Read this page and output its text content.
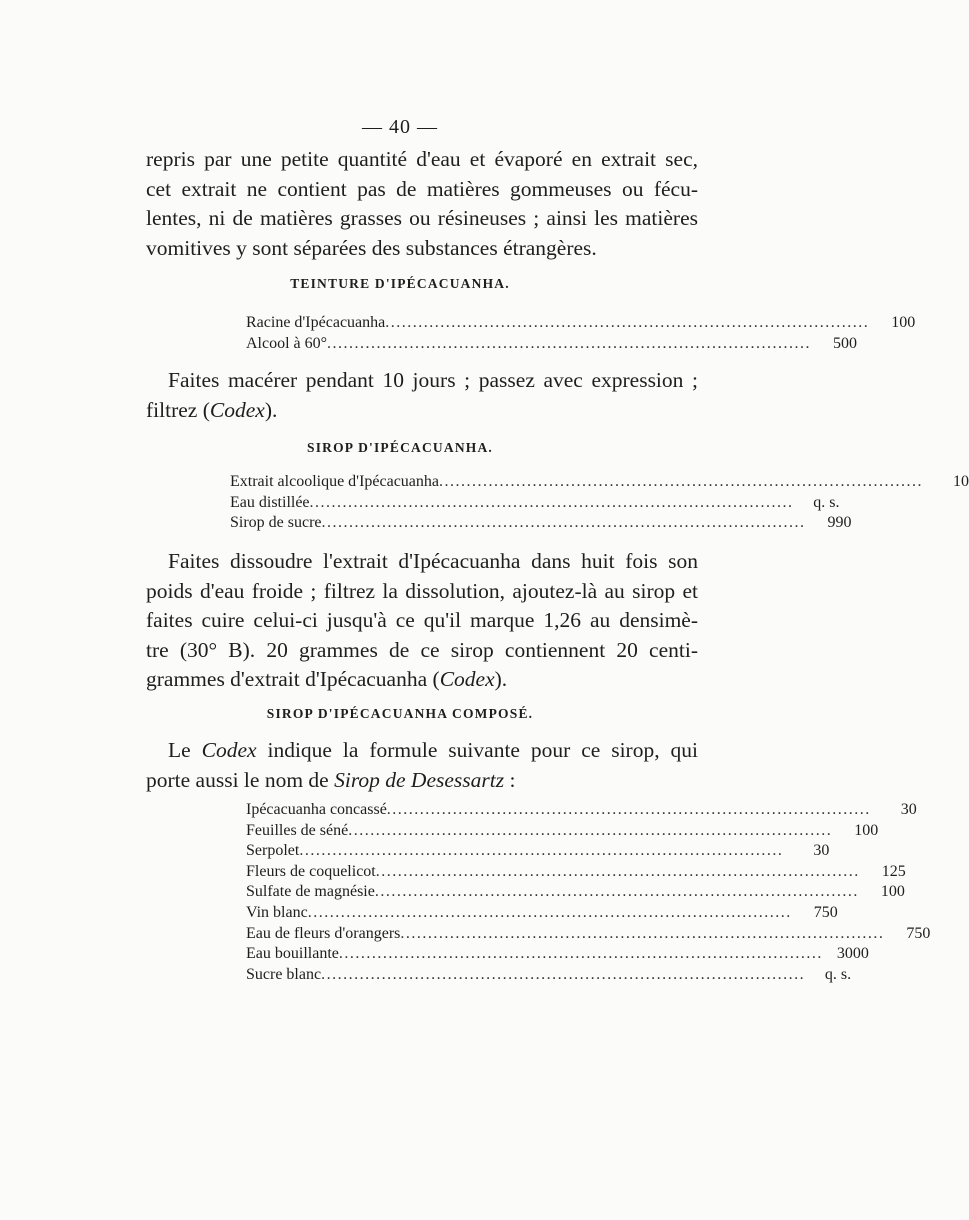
— 40 —

repris par une petite quantité d'eau et évaporé en extrait sec,
cet extrait ne contient pas de matières gommeuses ou fécu-
lentes, ni de matières grasses ou résineuses ; ainsi les matières
vomitives y sont séparées des substances étrangères.

TEINTURE D'IPÉCACUANHA.
Racine d'Ipécacuanha ........................................................................................	100
Alcool à 60° ........................................................................................	500

Faites macérer pendant 10 jours ; passez avec expression ;
filtrez (Codex).

SIROP D'IPÉCACUANHA.
Extrait alcoolique d'Ipécacuanha ........................................................................................	10
Eau distillée ........................................................................................	q. s.
Sirop de sucre ........................................................................................	990

Faites dissoudre l'extrait d'Ipécacuanha dans huit fois son
poids d'eau froide ; filtrez la dissolution, ajoutez-là au sirop et
faites cuire celui-ci jusqu'à ce qu'il marque 1,26 au densimè-
tre (30° B). 20 grammes de ce sirop contiennent 20 centi-
grammes d'extrait d'Ipécacuanha (Codex).

SIROP D'IPÉCACUANHA COMPOSÉ.

Le Codex indique la formule suivante pour ce sirop, qui
porte aussi le nom de Sirop de Desessartz :

Ipécacuanha concassé ........................................................................................	30
Feuilles de séné ........................................................................................	100
Serpolet ........................................................................................	30
Fleurs de coquelicot ........................................................................................	125
Sulfate de magnésie ........................................................................................	100
Vin blanc ........................................................................................	750
Eau de fleurs d'orangers ........................................................................................	750
Eau bouillante ........................................................................................ 3000
Sucre blanc ........................................................................................	q. s.
